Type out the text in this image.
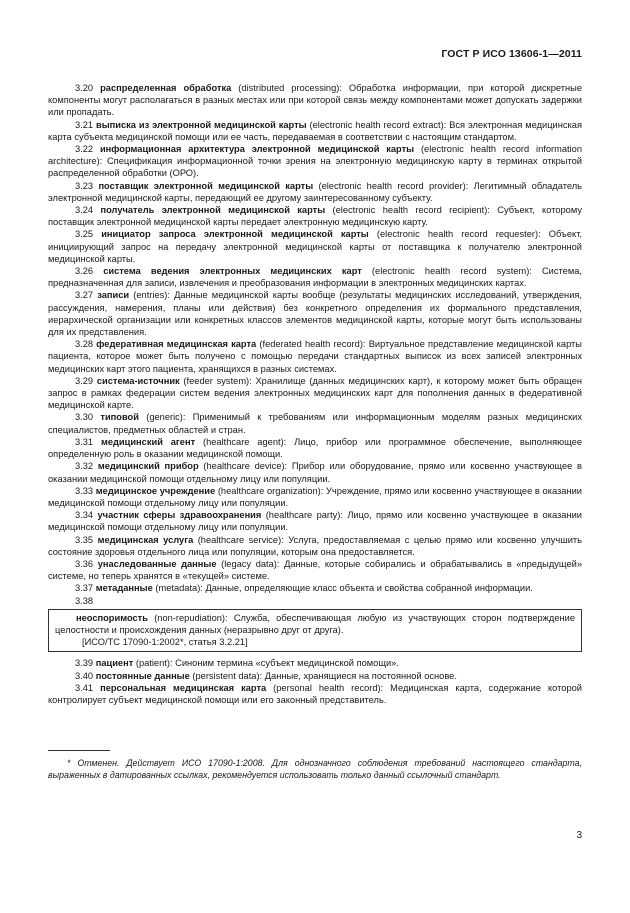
ГОСТ Р ИСО 13606-1—2011

3.20 распределенная обработка (distributed processing): Обработка информации, при которой дискретные компоненты могут располагаться в разных местах или при которой связь между компонентами может допускать задержки или пропадать.

3.21 выписка из электронной медицинской карты (electronic health record extract): Вся электронная медицинская карта субъекта медицинской помощи или ее часть, передаваемая в соответствии с настоящим стандартом.

3.22 информационная архитектура электронной медицинской карты (electronic health record information architecture): Спецификация информационной точки зрения на электронную медицинскую карту в терминах открытой распределенной обработки (ОРО).

3.23 поставщик электронной медицинской карты (electronic health record provider): Легитимный обладатель электронной медицинской карты, передающий ее другому заинтересованному субъекту.

3.24 получатель электронной медицинской карты (electronic health record recipient): Субъект, которому поставщик электронной медицинской карты передает электронную медицинскую карту.

3.25 инициатор запроса электронной медицинской карты (electronic health record requester): Объект, инициирующий запрос на передачу электронной медицинской карты от поставщика к получателю электронной медицинской карты.

3.26 система ведения электронных медицинских карт (electronic health record system): Система, предназначенная для записи, извлечения и преобразования информации в электронных медицинских картах.

3.27 записи (entries): Данные медицинской карты вообще (результаты медицинских исследований, утверждения, рассуждения, намерения, планы или действия) без конкретного определения их формального представления, иерархической организации или конкретных классов элементов медицинской карты, которые могут быть использованы для их представления.

3.28 федеративная медицинская карта (federated health record): Виртуальное представление медицинской карты пациента, которое может быть получено с помощью передачи стандартных выписок из всех записей электронных медицинских карт этого пациента, хранящихся в разных системах.

3.29 система-источник (feeder system): Хранилище (данных медицинских карт), к которому может быть обращен запрос в рамках федерации систем ведения электронных медицинских карт для пополнения данных в федеративной медицинской карте.

3.30 типовой (generic): Применимый к требованиям или информационным моделям разных медицинских специалистов, предметных областей и стран.

3.31 медицинский агент (healthcare agent): Лицо, прибор или программное обеспечение, выполняющее определенную роль в оказании медицинской помощи.

3.32 медицинский прибор (healthcare device): Прибор или оборудование, прямо или косвенно участвующее в оказании медицинской помощи отдельному лицу или популяции.

3.33 медицинское учреждение (healthcare organization): Учреждение, прямо или косвенно участвующее в оказании медицинской помощи отдельному лицу или популяции.

3.34 участник сферы здравоохранения (healthcare party): Лицо, прямо или косвенно участвующее в оказании медицинской помощи отдельному лицу или популяции.

3.35 медицинская услуга (healthcare service): Услуга, предоставляемая с целью прямо или косвенно улучшить состояние здоровья отдельного лица или популяции, которым она предоставляется.

3.36 унаследованные данные (legacy data): Данные, которые собирались и обрабатывались в «предыдущей» системе, но теперь хранятся в «текущей» системе.

3.37 метаданные (metadata): Данные, определяющие класс объекта и свойства собранной информации.

3.38

неоспоримость (non-repudiation): Служба, обеспечивающая любую из участвующих сторон подтверждение целостности и происхождения данных (неразрывно друг от друга).

[ИСО/ТС 17090-1:2002*, статья 3.2.21]

3.39 пациент (patient): Синоним термина «субъект медицинской помощи».

3.40 постоянные данные (persistent data): Данные, хранящиеся на постоянной основе.

3.41 персональная медицинская карта (personal health record): Медицинская карта, содержание которой контролирует субъект медицинской помощи или его законный представитель.

* Отменен. Действует ИСО 17090-1:2008. Для однозначного соблюдения требований настоящего стандарта, выраженных в датированных ссылках, рекомендуется использовать только данный ссылочный стандарт.
3
